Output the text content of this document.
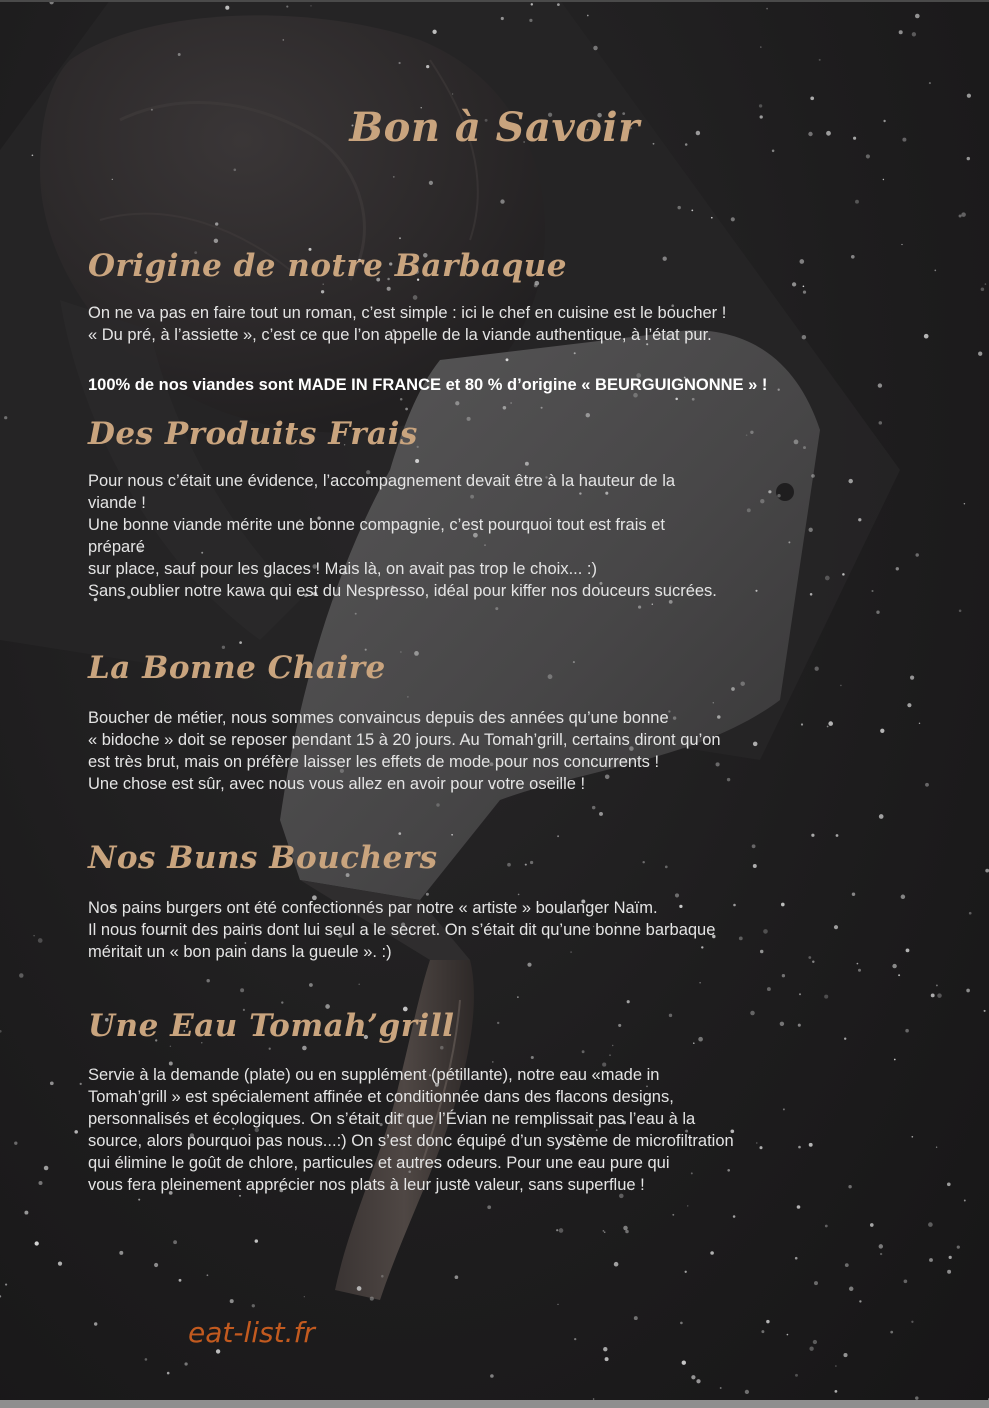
Bon à Savoir
Origine de notre Barbaque

On ne va pas en faire tout un roman, c’est simple : ici le chef en cuisine est le boucher !
« Du pré, à l’assiette », c’est ce que l’on appelle de la viande authentique, à l’état pur.

100% de nos viandes sont MADE IN FRANCE et 80 % d’origine « BEURGUIGNONNE » !

Des Produits Frais

Pour nous c’était une évidence, l’accompagnement devait être à la hauteur de la
viande !
Une bonne viande mérite une bonne compagnie, c’est pourquoi tout est frais et
préparé
sur place, sauf pour les glaces ! Mais là, on avait pas trop le choix... :)
Sans oublier notre kawa qui est du Nespresso, idéal pour kiffer nos douceurs sucrées.

La Bonne Chaire

Boucher de métier, nous sommes convaincus depuis des années qu’une bonne
« bidoche » doit se reposer pendant 15 à 20 jours. Au Tomah’grill, certains diront qu’on
est très brut, mais on préfère laisser les effets de mode pour nos concurrents !
Une chose est sûr, avec nous vous allez en avoir pour votre oseille !

Nos Buns Bouchers

Nos pains burgers ont été confectionnés par notre « artiste » boulanger Naïm.
Il nous fournit des pains dont lui seul a le secret. On s’était dit qu’une bonne barbaque
méritait un « bon pain dans la gueule ». :)

Une Eau Tomah’grill

Servie à la demande (plate) ou en supplément (pétillante), notre eau «made in
Tomah’grill » est spécialement affinée et conditionnée dans des flacons designs,
personnalisés et écologiques. On s’était dit que l’Évian ne remplissait pas l’eau à la
source, alors pourquoi pas nous...:) On s’est donc équipé d’un système de microfiltration
qui élimine le goût de chlore, particules et autres odeurs. Pour une eau pure qui
vous fera pleinement apprécier nos plats à leur juste valeur, sans superflue !

eat-list.fr
